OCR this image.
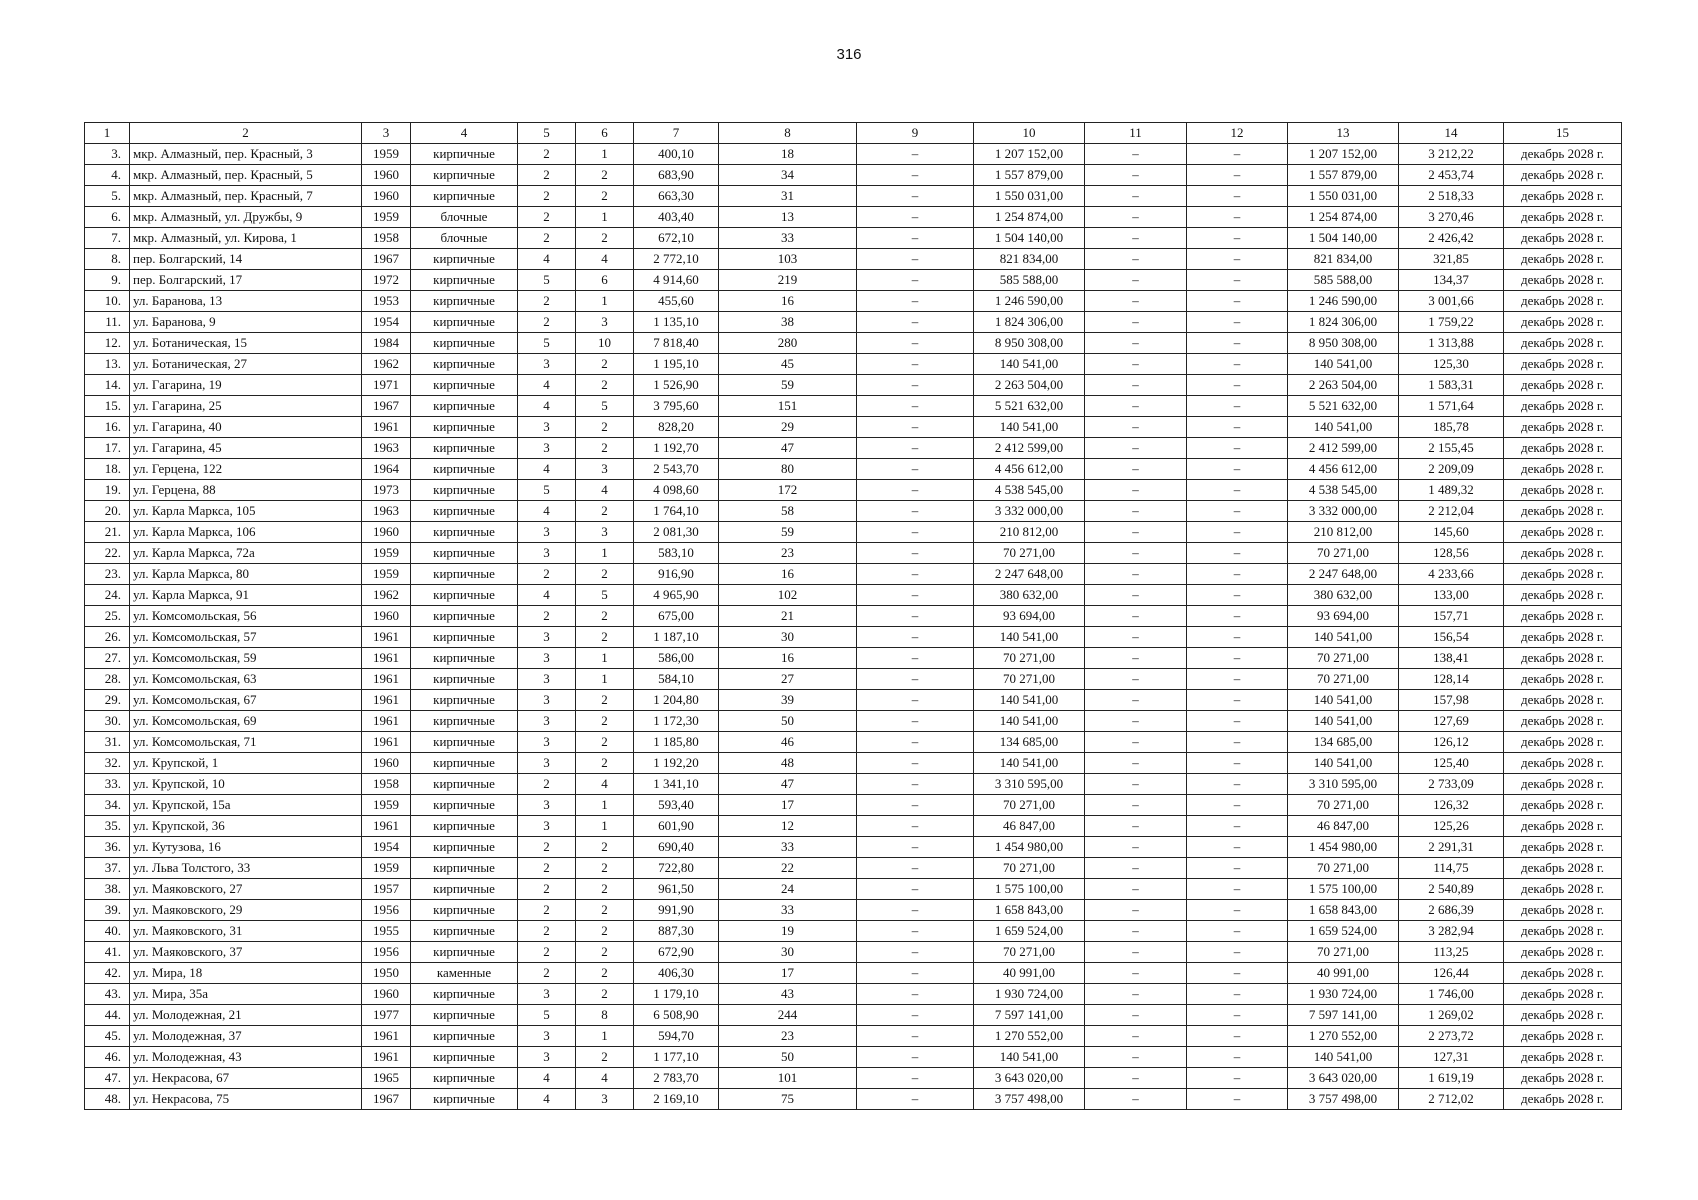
316
1	2	3	4	5	6	7	8	9	10	11	12	13	14	15
3.	мкр. Алмазный, пер. Красный, 3	1959	кирпичные	2	1	400,10	18	–	1 207 152,00	–	–	1 207 152,00	3 212,22	декабрь 2028 г.
4.	мкр. Алмазный, пер. Красный, 5	1960	кирпичные	2	2	683,90	34	–	1 557 879,00	–	–	1 557 879,00	2 453,74	декабрь 2028 г.
5.	мкр. Алмазный, пер. Красный, 7	1960	кирпичные	2	2	663,30	31	–	1 550 031,00	–	–	1 550 031,00	2 518,33	декабрь 2028 г.
6.	мкр. Алмазный, ул. Дружбы, 9	1959	блочные	2	1	403,40	13	–	1 254 874,00	–	–	1 254 874,00	3 270,46	декабрь 2028 г.
7.	мкр. Алмазный, ул. Кирова, 1	1958	блочные	2	2	672,10	33	–	1 504 140,00	–	–	1 504 140,00	2 426,42	декабрь 2028 г.
8.	пер. Болгарский, 14	1967	кирпичные	4	4	2 772,10	103	–	821 834,00	–	–	821 834,00	321,85	декабрь 2028 г.
9.	пер. Болгарский, 17	1972	кирпичные	5	6	4 914,60	219	–	585 588,00	–	–	585 588,00	134,37	декабрь 2028 г.
10.	ул. Баранова, 13	1953	кирпичные	2	1	455,60	16	–	1 246 590,00	–	–	1 246 590,00	3 001,66	декабрь 2028 г.
11.	ул. Баранова, 9	1954	кирпичные	2	3	1 135,10	38	–	1 824 306,00	–	–	1 824 306,00	1 759,22	декабрь 2028 г.
12.	ул. Ботаническая, 15	1984	кирпичные	5	10	7 818,40	280	–	8 950 308,00	–	–	8 950 308,00	1 313,88	декабрь 2028 г.
13.	ул. Ботаническая, 27	1962	кирпичные	3	2	1 195,10	45	–	140 541,00	–	–	140 541,00	125,30	декабрь 2028 г.
14.	ул. Гагарина, 19	1971	кирпичные	4	2	1 526,90	59	–	2 263 504,00	–	–	2 263 504,00	1 583,31	декабрь 2028 г.
15.	ул. Гагарина, 25	1967	кирпичные	4	5	3 795,60	151	–	5 521 632,00	–	–	5 521 632,00	1 571,64	декабрь 2028 г.
16.	ул. Гагарина, 40	1961	кирпичные	3	2	828,20	29	–	140 541,00	–	–	140 541,00	185,78	декабрь 2028 г.
17.	ул. Гагарина, 45	1963	кирпичные	3	2	1 192,70	47	–	2 412 599,00	–	–	2 412 599,00	2 155,45	декабрь 2028 г.
18.	ул. Герцена, 122	1964	кирпичные	4	3	2 543,70	80	–	4 456 612,00	–	–	4 456 612,00	2 209,09	декабрь 2028 г.
19.	ул. Герцена, 88	1973	кирпичные	5	4	4 098,60	172	–	4 538 545,00	–	–	4 538 545,00	1 489,32	декабрь 2028 г.
20.	ул. Карла Маркса, 105	1963	кирпичные	4	2	1 764,10	58	–	3 332 000,00	–	–	3 332 000,00	2 212,04	декабрь 2028 г.
21.	ул. Карла Маркса, 106	1960	кирпичные	3	3	2 081,30	59	–	210 812,00	–	–	210 812,00	145,60	декабрь 2028 г.
22.	ул. Карла Маркса, 72а	1959	кирпичные	3	1	583,10	23	–	70 271,00	–	–	70 271,00	128,56	декабрь 2028 г.
23.	ул. Карла Маркса, 80	1959	кирпичные	2	2	916,90	16	–	2 247 648,00	–	–	2 247 648,00	4 233,66	декабрь 2028 г.
24.	ул. Карла Маркса, 91	1962	кирпичные	4	5	4 965,90	102	–	380 632,00	–	–	380 632,00	133,00	декабрь 2028 г.
25.	ул. Комсомольская, 56	1960	кирпичные	2	2	675,00	21	–	93 694,00	–	–	93 694,00	157,71	декабрь 2028 г.
26.	ул. Комсомольская, 57	1961	кирпичные	3	2	1 187,10	30	–	140 541,00	–	–	140 541,00	156,54	декабрь 2028 г.
27.	ул. Комсомольская, 59	1961	кирпичные	3	1	586,00	16	–	70 271,00	–	–	70 271,00	138,41	декабрь 2028 г.
28.	ул. Комсомольская, 63	1961	кирпичные	3	1	584,10	27	–	70 271,00	–	–	70 271,00	128,14	декабрь 2028 г.
29.	ул. Комсомольская, 67	1961	кирпичные	3	2	1 204,80	39	–	140 541,00	–	–	140 541,00	157,98	декабрь 2028 г.
30.	ул. Комсомольская, 69	1961	кирпичные	3	2	1 172,30	50	–	140 541,00	–	–	140 541,00	127,69	декабрь 2028 г.
31.	ул. Комсомольская, 71	1961	кирпичные	3	2	1 185,80	46	–	134 685,00	–	–	134 685,00	126,12	декабрь 2028 г.
32.	ул. Крупской, 1	1960	кирпичные	3	2	1 192,20	48	–	140 541,00	–	–	140 541,00	125,40	декабрь 2028 г.
33.	ул. Крупской, 10	1958	кирпичные	2	4	1 341,10	47	–	3 310 595,00	–	–	3 310 595,00	2 733,09	декабрь 2028 г.
34.	ул. Крупской, 15а	1959	кирпичные	3	1	593,40	17	–	70 271,00	–	–	70 271,00	126,32	декабрь 2028 г.
35.	ул. Крупской, 36	1961	кирпичные	3	1	601,90	12	–	46 847,00	–	–	46 847,00	125,26	декабрь 2028 г.
36.	ул. Кутузова, 16	1954	кирпичные	2	2	690,40	33	–	1 454 980,00	–	–	1 454 980,00	2 291,31	декабрь 2028 г.
37.	ул. Льва Толстого, 33	1959	кирпичные	2	2	722,80	22	–	70 271,00	–	–	70 271,00	114,75	декабрь 2028 г.
38.	ул. Маяковского, 27	1957	кирпичные	2	2	961,50	24	–	1 575 100,00	–	–	1 575 100,00	2 540,89	декабрь 2028 г.
39.	ул. Маяковского, 29	1956	кирпичные	2	2	991,90	33	–	1 658 843,00	–	–	1 658 843,00	2 686,39	декабрь 2028 г.
40.	ул. Маяковского, 31	1955	кирпичные	2	2	887,30	19	–	1 659 524,00	–	–	1 659 524,00	3 282,94	декабрь 2028 г.
41.	ул. Маяковского, 37	1956	кирпичные	2	2	672,90	30	–	70 271,00	–	–	70 271,00	113,25	декабрь 2028 г.
42.	ул. Мира, 18	1950	каменные	2	2	406,30	17	–	40 991,00	–	–	40 991,00	126,44	декабрь 2028 г.
43.	ул. Мира, 35а	1960	кирпичные	3	2	1 179,10	43	–	1 930 724,00	–	–	1 930 724,00	1 746,00	декабрь 2028 г.
44.	ул. Молодежная, 21	1977	кирпичные	5	8	6 508,90	244	–	7 597 141,00	–	–	7 597 141,00	1 269,02	декабрь 2028 г.
45.	ул. Молодежная, 37	1961	кирпичные	3	1	594,70	23	–	1 270 552,00	–	–	1 270 552,00	2 273,72	декабрь 2028 г.
46.	ул. Молодежная, 43	1961	кирпичные	3	2	1 177,10	50	–	140 541,00	–	–	140 541,00	127,31	декабрь 2028 г.
47.	ул. Некрасова, 67	1965	кирпичные	4	4	2 783,70	101	–	3 643 020,00	–	–	3 643 020,00	1 619,19	декабрь 2028 г.
48.	ул. Некрасова, 75	1967	кирпичные	4	3	2 169,10	75	–	3 757 498,00	–	–	3 757 498,00	2 712,02	декабрь 2028 г.
